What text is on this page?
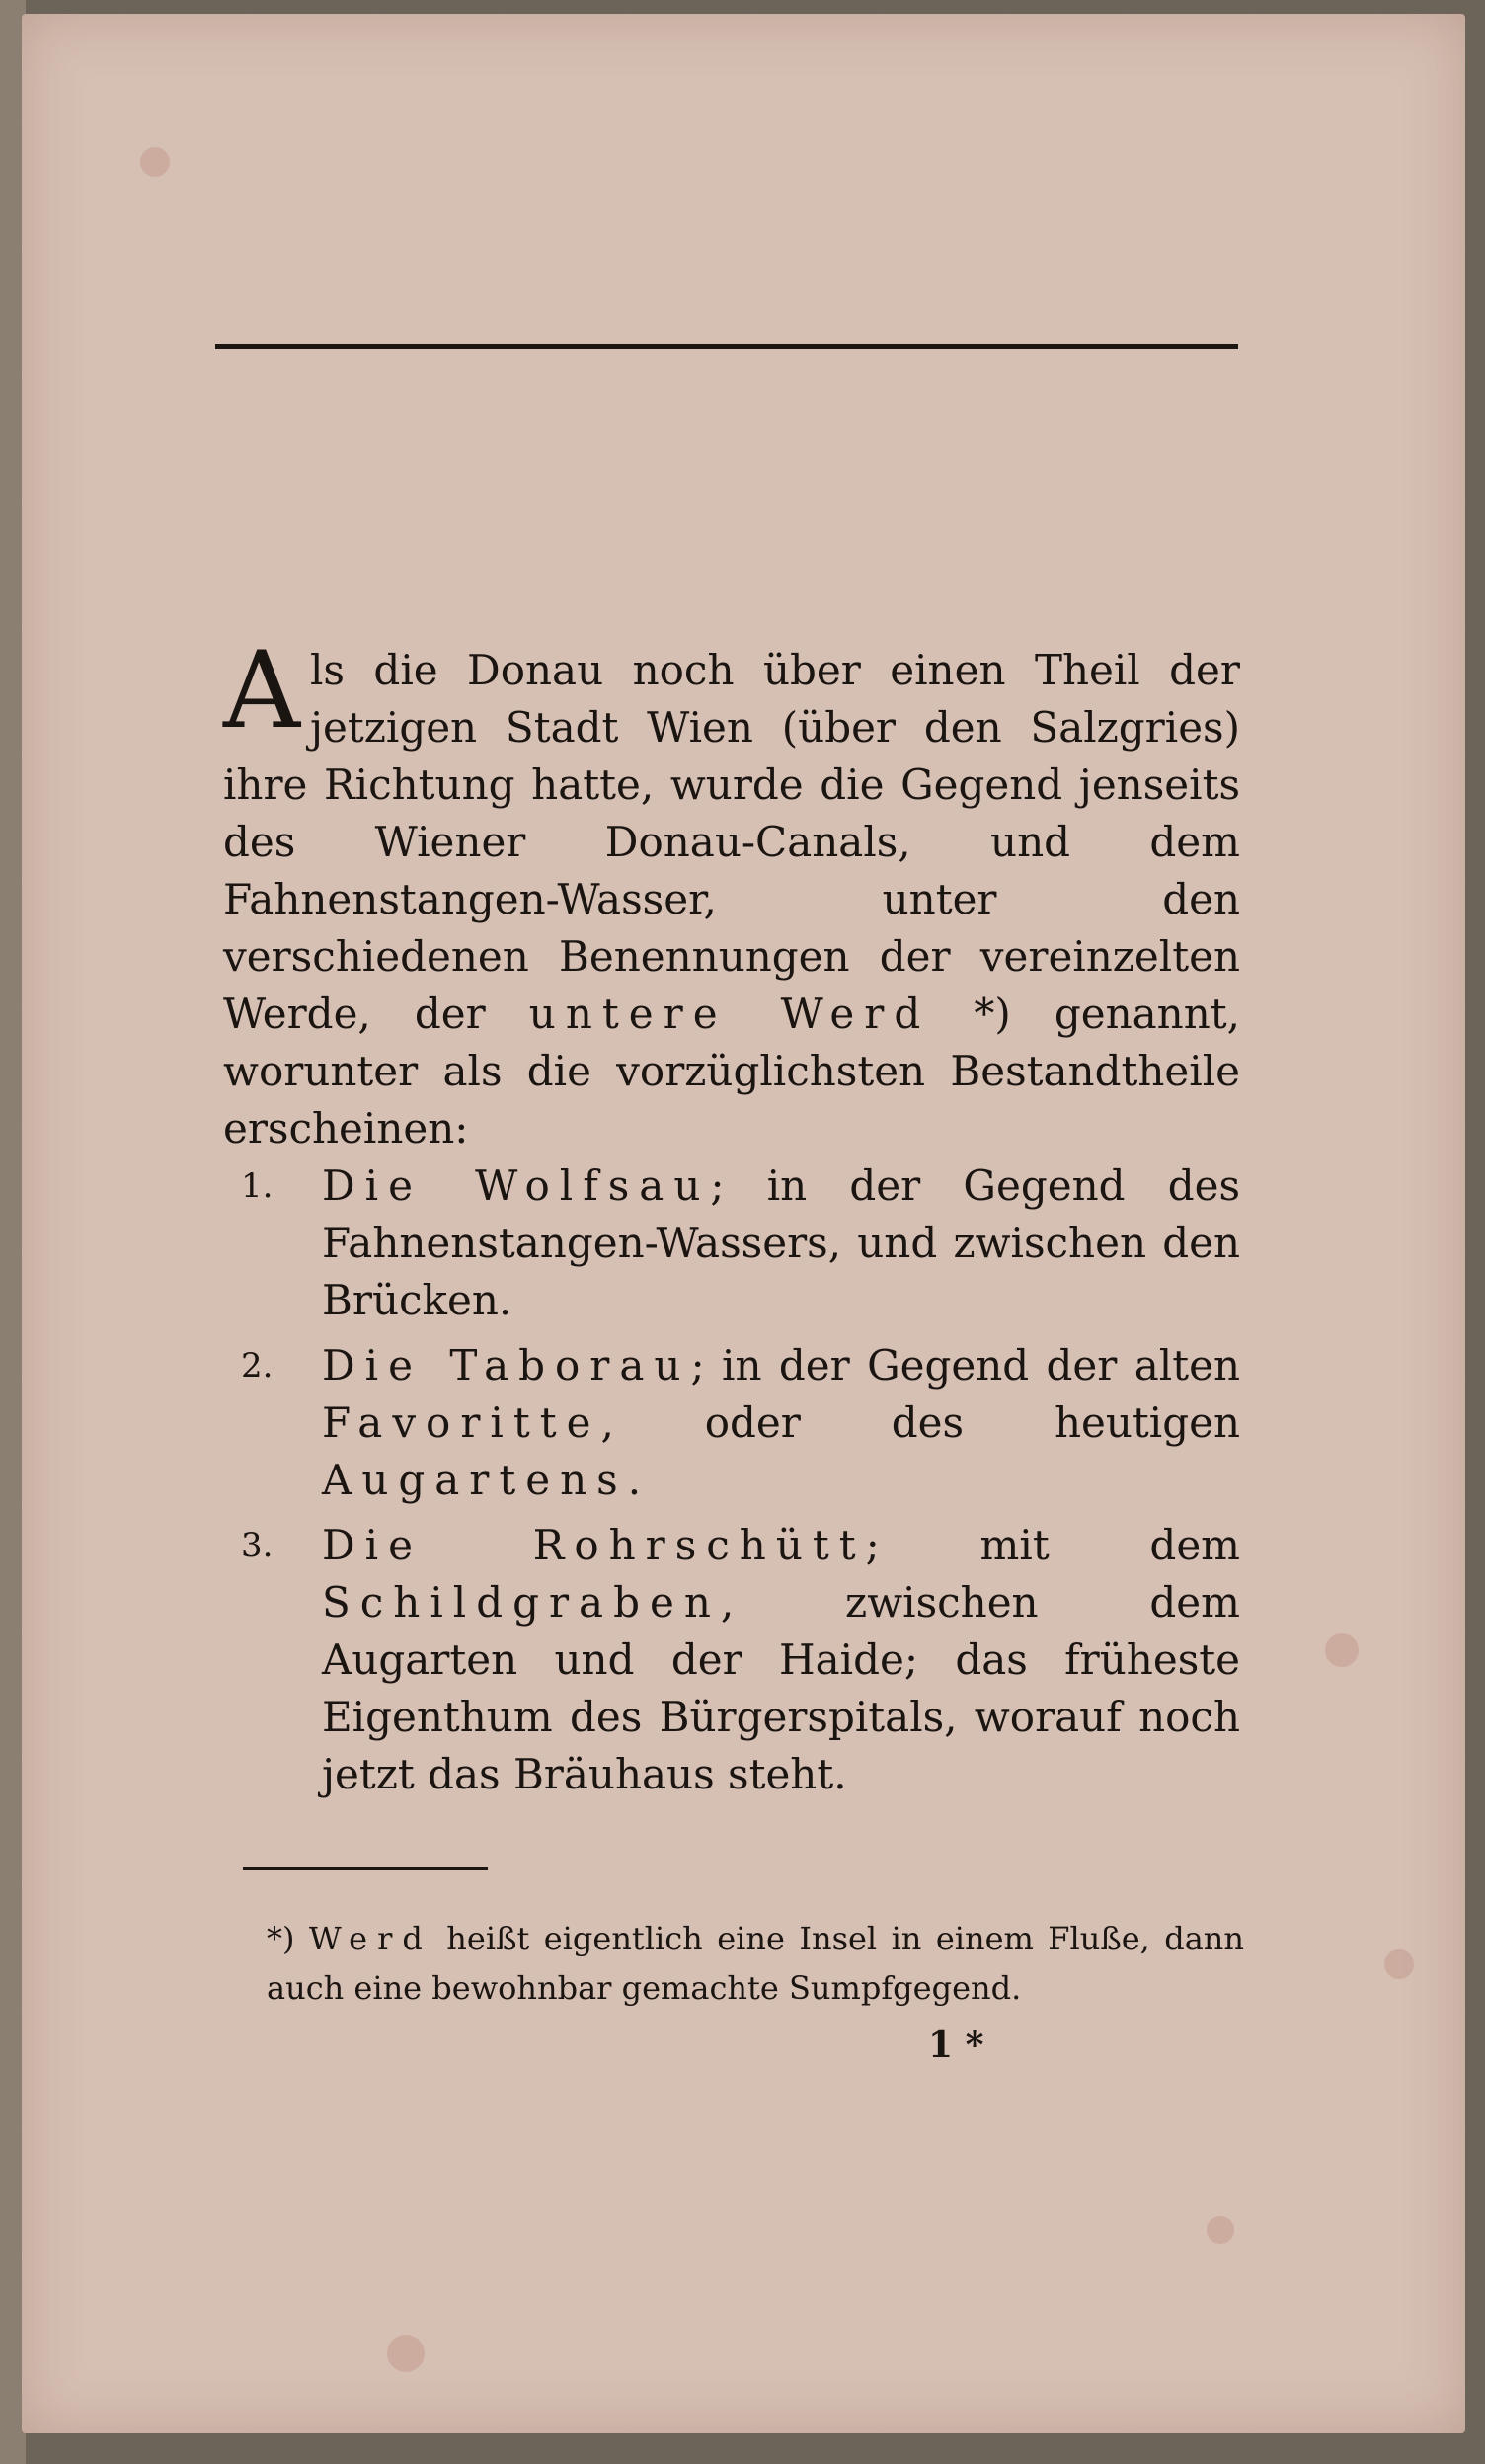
Als die Donau noch über einen Theil der jetzigen Stadt Wien (über den Salzgries) ihre Richtung hatte, wurde die Gegend jenseits des Wiener Donau-Canals, und dem Fahnenstangen-Wasser, unter den verschiedenen Benennungen der vereinzelten Werde, der untere Werd *) genannt, worunter als die vorzüglichsten Bestandtheile erscheinen:
1.	Die Wolfsau; in der Gegend des Fahnenstangen-Wassers, und zwischen den Brücken.
2.	Die Taborau; in der Gegend der alten Favoritte, oder des heutigen Augartens.
3.	Die Rohrschütt; mit dem Schildgraben, zwischen dem Augarten und der Haide; das früheste Eigenthum des Bürgerspitals, worauf noch jetzt das Bräuhaus steht.
*) Werd heißt eigentlich eine Insel in einem Fluße, dann auch eine bewohnbar gemachte Sumpfgegend.
1 *
